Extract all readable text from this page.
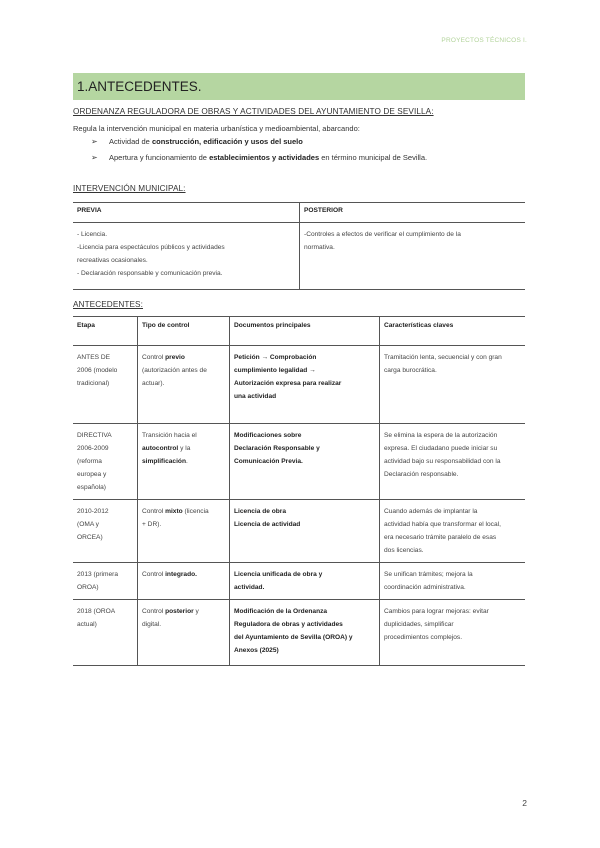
PROYECTOS TÉCNICOS I.
1.ANTECEDENTES.
ORDENANZA REGULADORA DE OBRAS Y ACTIVIDADES DEL AYUNTAMIENTO DE SEVILLA:
Regula la intervención municipal en materia urbanística y medioambiental, abarcando:
➢ Actividad de construcción, edificación y usos del suelo
➢ Apertura y funcionamiento de establecimientos y actividades en término municipal de Sevilla.
INTERVENCIÓN MUNICIPAL:
PREVIA	POSTERIOR
- Licencia.
-Licencia para espectáculos públicos y actividades
recreativas ocasionales.
- Declaración responsable y comunicación previa.	-Controles a efectos de verificar el cumplimiento de la
normativa.
ANTECEDENTES:
Etapa	Tipo de control	Documentos principales	Características claves
ANTES DE
2006 (modelo
tradicional)	Control previo
(autorización antes de
actuar).	Petición → Comprobación
cumplimiento legalidad →
Autorización expresa para realizar
una actividad	Tramitación lenta, secuencial y con gran
carga burocrática.
DIRECTIVA
2006-2009
(reforma
europea y
española)	Transición hacia el
autocontrol y la
simplificación.	Modificaciones sobre
Declaración Responsable y
Comunicación Previa.	Se elimina la espera de la autorización
expresa. El ciudadano puede iniciar su
actividad bajo su responsabilidad con la
Declaración responsable.
2010-2012
(OMA y
ORCEA)	Control mixto (licencia
+ DR).	Licencia de obra
Licencia de actividad	Cuando además de implantar la
actividad había que transformar el local,
era necesario trámite paralelo de esas
dos licencias.
2013 (primera
OROA)	Control integrado.	Licencia unificada de obra y
actividad.	Se unifican trámites; mejora la
coordinación administrativa.
2018 (OROA
actual)	Control posterior y
digital.	Modificación de la Ordenanza
Reguladora de obras y actividades
del Ayuntamiento de Sevilla (OROA) y
Anexos (2025)	Cambios para lograr mejoras: evitar
duplicidades, simplificar
procedimientos complejos.
2
